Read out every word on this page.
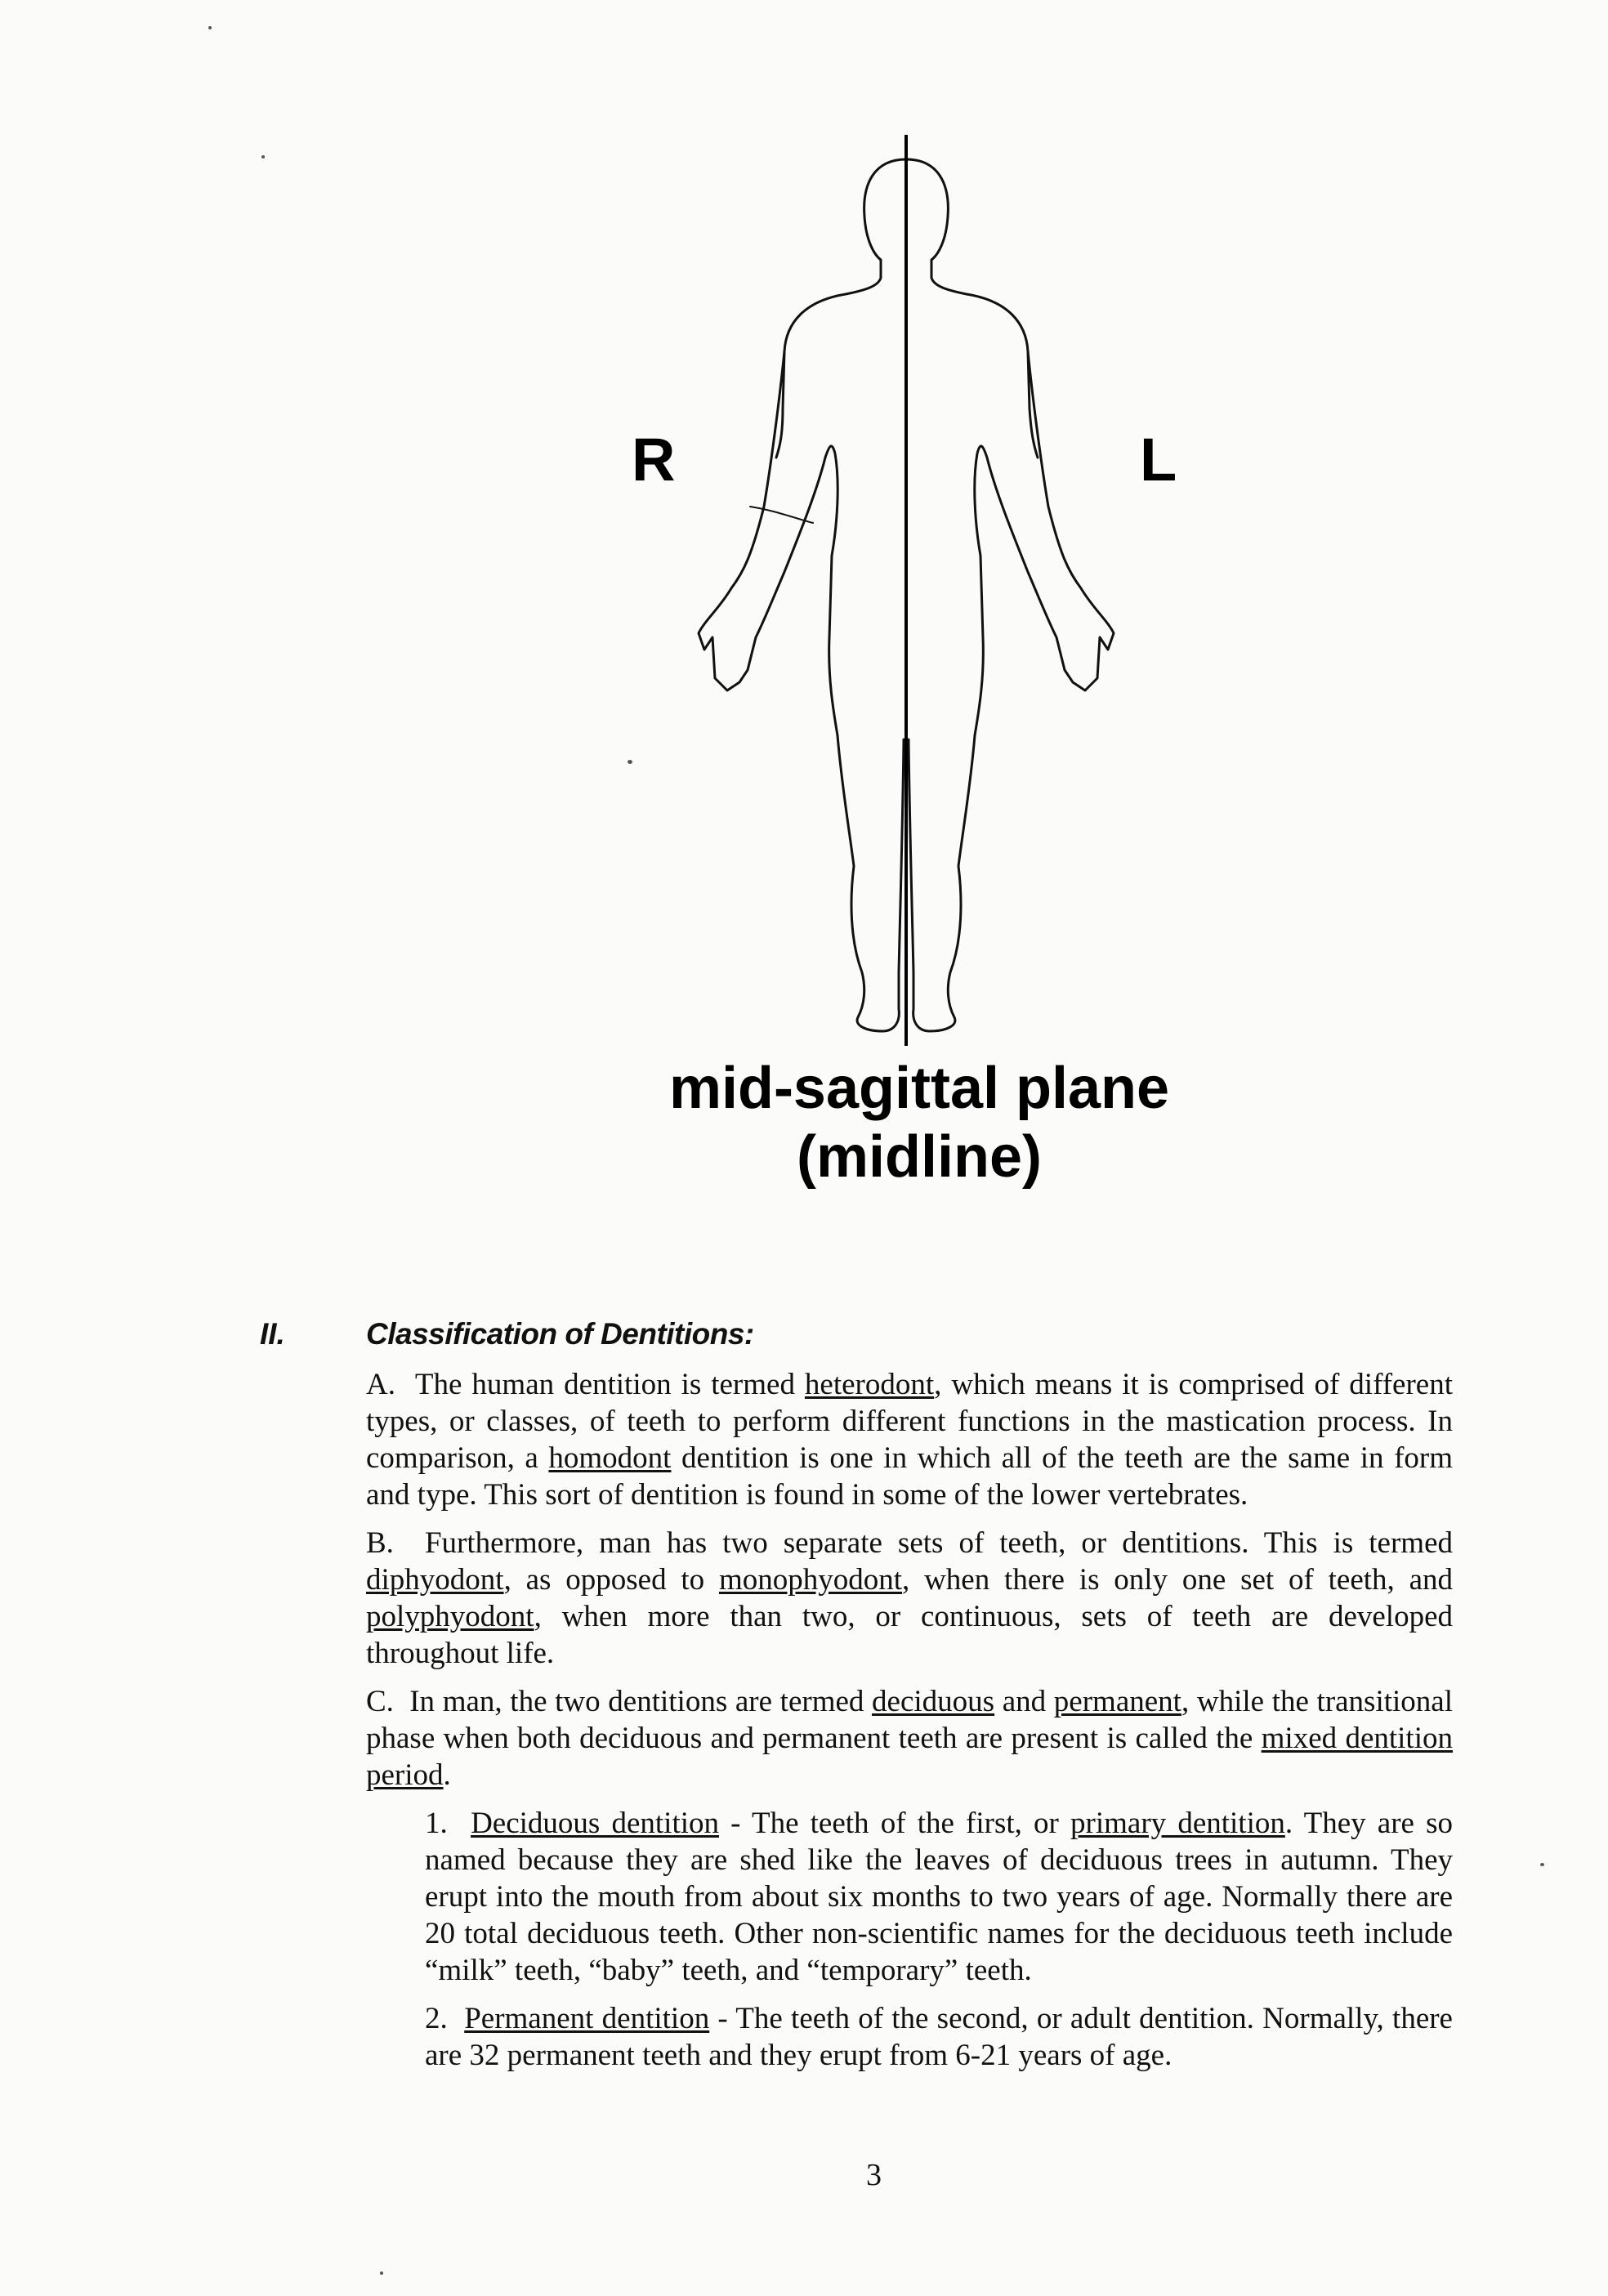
R	L
mid-sagittal plane
(midline)
II.	Classification of Dentitions:

A. The human dentition is termed heterodont, which means it is comprised of different types, or classes, of teeth to perform different functions in the mastication process. In comparison, a homodont dentition is one in which all of the teeth are the same in form and type. This sort of dentition is found in some of the lower vertebrates.

B. Furthermore, man has two separate sets of teeth, or dentitions. This is termed diphyodont, as opposed to monophyodont, when there is only one set of teeth, and polyphyodont, when more than two, or continuous, sets of teeth are developed throughout life.

C. In man, the two dentitions are termed deciduous and permanent, while the transitional phase when both deciduous and permanent teeth are present is called the mixed dentition period.

1. Deciduous dentition - The teeth of the first, or primary dentition. They are so named because they are shed like the leaves of deciduous trees in autumn. They erupt into the mouth from about six months to two years of age. Normally there are 20 total deciduous teeth. Other non-scientific names for the deciduous teeth include “milk” teeth, “baby” teeth, and “temporary” teeth.

2. Permanent dentition - The teeth of the second, or adult dentition. Normally, there are 32 permanent teeth and they erupt from 6-21 years of age.

3
